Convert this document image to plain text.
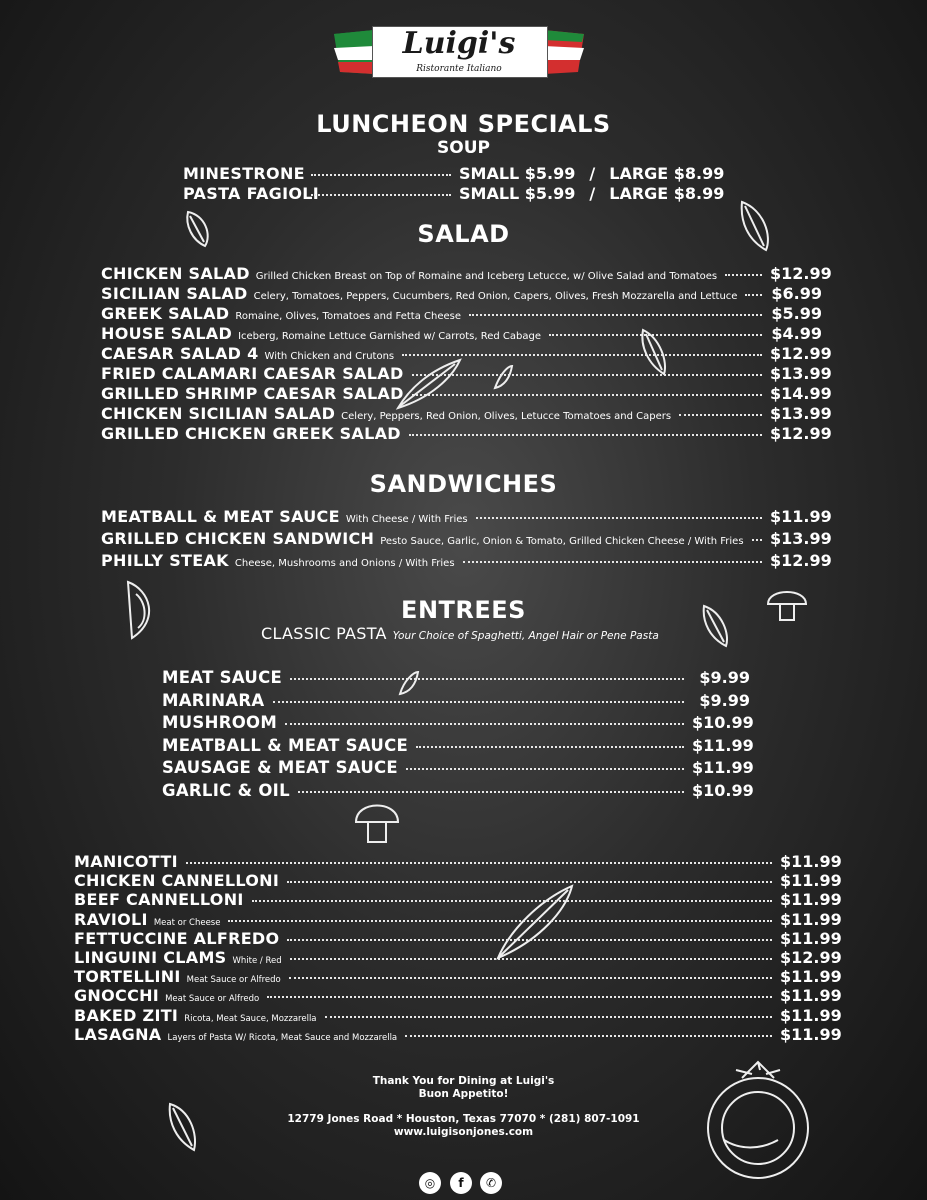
Luigi's
Ristorante Italiano
LUNCHEON SPECIALS
SOUP
MINESTRONE	SMALL $5.99 / LARGE $8.99
PASTA FAGIOLI	SMALL $5.99 / LARGE $8.99
SALAD
CHICKEN SALAD Grilled Chicken Breast on Top of Romaine and Iceberg Letucce, w/ Olive Salad and Tomatoes	$12.99
SICILIAN SALAD Celery, Tomatoes, Peppers, Cucumbers, Red Onion, Capers, Olives, Fresh Mozzarella and Lettuce $6.99
GREEK SALAD Romaine, Olives, Tomatoes and Fetta Cheese	$5.99
HOUSE SALAD Iceberg, Romaine Lettuce Garnished w/ Carrots, Red Cabage	$4.99
CAESAR SALAD 4 With Chicken and Crutons	$12.99
FRIED CALAMARI CAESAR SALAD	$13.99
GRILLED SHRIMP CAESAR SALAD	$14.99
CHICKEN SICILIAN SALAD Celery, Peppers, Red Onion, Olives, Letucce Tomatoes and Capers	$13.99
GRILLED CHICKEN GREEK SALAD	$12.99
SANDWICHES
MEATBALL & MEAT SAUCE With Cheese / With Fries	$11.99
GRILLED CHICKEN SANDWICH Pesto Sauce, Garlic, Onion & Tomato, Grilled Chicken Cheese / With Fries $13.99
PHILLY STEAK Cheese, Mushrooms and Onions / With Fries	$12.99
ENTREES
CLASSIC PASTA Your Choice of Spaghetti, Angel Hair or Pene Pasta
MEAT SAUCE	$9.99
MARINARA	$9.99
MUSHROOM	$10.99
MEATBALL & MEAT SAUCE	$11.99
SAUSAGE & MEAT SAUCE	$11.99
GARLIC & OIL	$10.99
MANICOTTI	$11.99
CHICKEN CANNELLONI	$11.99
BEEF CANNELLONI	$11.99
RAVIOLI Meat or Cheese	$11.99
FETTUCCINE ALFREDO	$11.99
LINGUINI CLAMS White / Red	$12.99
TORTELLINI Meat Sauce or Alfredo	$11.99
GNOCCHI Meat Sauce or Alfredo	$11.99
BAKED ZITI Ricota, Meat Sauce, Mozzarella	$11.99
LASAGNA Layers of Pasta W/ Ricota, Meat Sauce and Mozzarella	$11.99
Thank You for Dining at Luigi's
Buon Appetito!
12779 Jones Road * Houston, Texas 77070 * (281) 807-1091
www.luigisonjones.com
◎	f	✆
